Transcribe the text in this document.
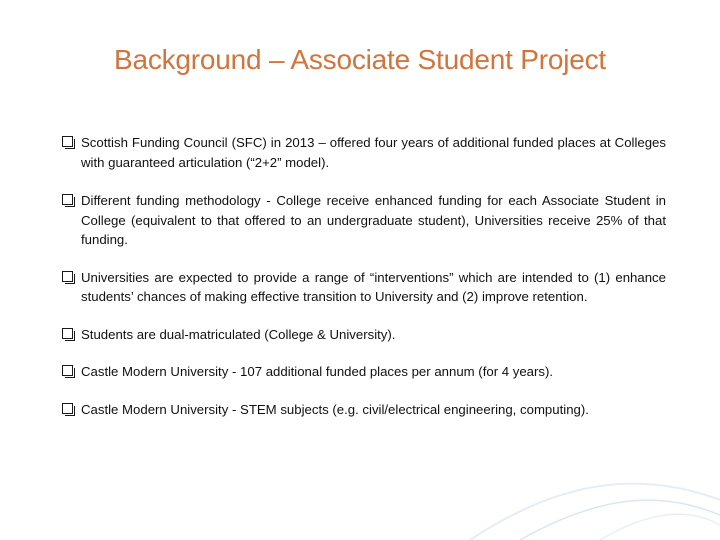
Background – Associate Student Project
Scottish Funding Council (SFC) in 2013 – offered four years of additional funded places at Colleges with guaranteed articulation (“2+2” model).
Different funding methodology - College receive enhanced funding for each Associate Student in College (equivalent to that offered to an undergraduate student), Universities receive 25% of that funding.
Universities are expected to provide a range of “interventions” which are intended to (1) enhance students’ chances of making effective transition to University and (2) improve retention.
Students are dual-matriculated (College & University).
Castle Modern University - 107 additional funded places per annum (for 4 years).
Castle Modern University - STEM subjects (e.g. civil/electrical engineering, computing).
